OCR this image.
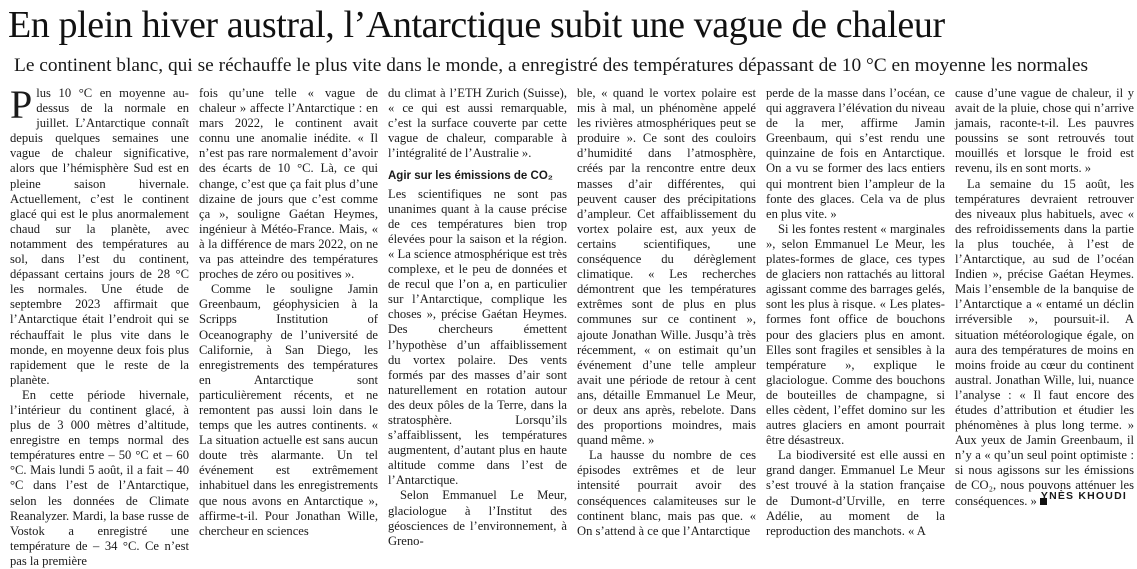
En plein hiver austral, l’Antarctique subit une vague de chaleur

Le continent blanc, qui se réchauffe le plus vite dans le monde, a enregistré des températures dépassant de 10 °C en moyenne les normales

Plus 10 °C en moyenne au-dessus de la normale en juillet. L’Antarctique connaît depuis quelques semaines une vague de chaleur significative, alors que l’hémisphère Sud est en pleine saison hivernale. Actuellement, c’est le continent glacé qui est le plus anormalement chaud sur la planète, avec notamment des températures au sol, dans l’est du continent, dépassant certains jours de 28 °C les normales. Une étude de septembre 2023 affirmait que l’Antarctique était l’endroit qui se réchauffait le plus vite dans le monde, en moyenne deux fois plus rapidement que le reste de la planète.

En cette période hivernale, l’intérieur du continent glacé, à plus de 3 000 mètres d’altitude, enregistre en temps normal des températures entre – 50 °C et – 60 °C. Mais lundi 5 août, il a fait – 40 °C dans l’est de l’Antarctique, selon les données de Climate Reanalyzer. Mardi, la base russe de Vostok a enregistré une température de – 34 °C. Ce n’est pas la première

fois qu’une telle « vague de chaleur » affecte l’Antarctique : en mars 2022, le continent avait connu une anomalie inédite. « Il n’est pas rare normalement d’avoir des écarts de 10 °C. Là, ce qui change, c’est que ça fait plus d’une dizaine de jours que c’est comme ça », souligne Gaétan Heymes, ingénieur à Météo-France. Mais, « à la différence de mars 2022, on ne va pas atteindre des températures proches de zéro ou positives ».

Comme le souligne Jamin Greenbaum, géophysicien à la Scripps Institution of Oceanography de l’université de Californie, à San Diego, les enregistrements des températures en Antarctique sont particulièrement récents, et ne remontent pas aussi loin dans le temps que les autres continents. « La situation actuelle est sans aucun doute très alarmante. Un tel événement est extrêmement inhabituel dans les enregistrements que nous avons en Antarctique », affirme-t-il. Pour Jonathan Wille, chercheur en sciences

du climat à l’ETH Zurich (Suisse), « ce qui est aussi remarquable, c’est la surface couverte par cette vague de chaleur, comparable à l’intégralité de l’Australie ».

Agir sur les émissions de CO₂

Les scientifiques ne sont pas unanimes quant à la cause précise de ces températures bien trop élevées pour la saison et la région. « La science atmosphérique est très complexe, et le peu de données et de recul que l’on a, en particulier sur l’Antarctique, complique les choses », précise Gaétan Heymes. Des chercheurs émettent l’hypothèse d’un affaiblissement du vortex polaire. Des vents formés par des masses d’air sont naturellement en rotation autour des deux pôles de la Terre, dans la stratosphère. Lorsqu’ils s’affaiblissent, les températures augmentent, d’autant plus en haute altitude comme dans l’est de l’Antarctique.

Selon Emmanuel Le Meur, glaciologue à l’Institut des géosciences de l’environnement, à Greno-

ble, « quand le vortex polaire est mis à mal, un phénomène appelé les rivières atmosphériques peut se produire ». Ce sont des couloirs d’humidité dans l’atmosphère, créés par la rencontre entre deux masses d’air différentes, qui peuvent causer des précipitations d’ampleur. Cet affaiblissement du vortex polaire est, aux yeux de certains scientifiques, une conséquence du dérèglement climatique. « Les recherches démontrent que les températures extrêmes sont de plus en plus communes sur ce continent », ajoute Jonathan Wille. Jusqu’à très récemment, « on estimait qu’un événement d’une telle ampleur avait une période de retour à cent ans, détaille Emmanuel Le Meur, or deux ans après, rebelote. Dans des proportions moindres, mais quand même. »

La hausse du nombre de ces épisodes extrêmes et de leur intensité pourrait avoir des conséquences calamiteuses sur le continent blanc, mais pas que. « On s’attend à ce que l’Antarctique

perde de la masse dans l’océan, ce qui aggravera l’élévation du niveau de la mer, affirme Jamin Greenbaum, qui s’est rendu une quinzaine de fois en Antarctique. On a vu se former des lacs entiers qui montrent bien l’ampleur de la fonte des glaces. Cela va de plus en plus vite. »

Si les fontes restent « marginales », selon Emmanuel Le Meur, les plates-formes de glace, ces types de glaciers non rattachés au littoral agissant comme des barrages gelés, sont les plus à risque. « Les plates-formes font office de bouchons pour des glaciers plus en amont. Elles sont fragiles et sensibles à la température », explique le glaciologue. Comme des bouchons de bouteilles de champagne, si elles cèdent, l’effet domino sur les autres glaciers en amont pourrait être désastreux.

La biodiversité est elle aussi en grand danger. Emmanuel Le Meur s’est trouvé à la station française de Dumont-d’Urville, en terre Adélie, au moment de la reproduction des manchots. « A

cause d’une vague de chaleur, il y avait de la pluie, chose qui n’arrive jamais, raconte-t-il. Les pauvres poussins se sont retrouvés tout mouillés et lorsque le froid est revenu, ils en sont morts. »

La semaine du 15 août, les températures devraient retrouver des niveaux plus habituels, avec « des refroidissements dans la partie la plus touchée, à l’est de l’Antarctique, au sud de l’océan Indien », précise Gaétan Heymes. Mais l’ensemble de la banquise de l’Antarctique a « entamé un déclin irréversible », poursuit-il. A situation météorologique égale, on aura des températures de moins en moins froide au cœur du continent austral. Jonathan Wille, lui, nuance l’analyse : « Il faut encore des études d’attribution et étudier les phénomènes à plus long terme. » Aux yeux de Jamin Greenbaum, il n’y a « qu’un seul point optimiste : si nous agissons sur les émissions de CO₂, nous pouvons atténuer les conséquences. » YNÈS KHOUDI
